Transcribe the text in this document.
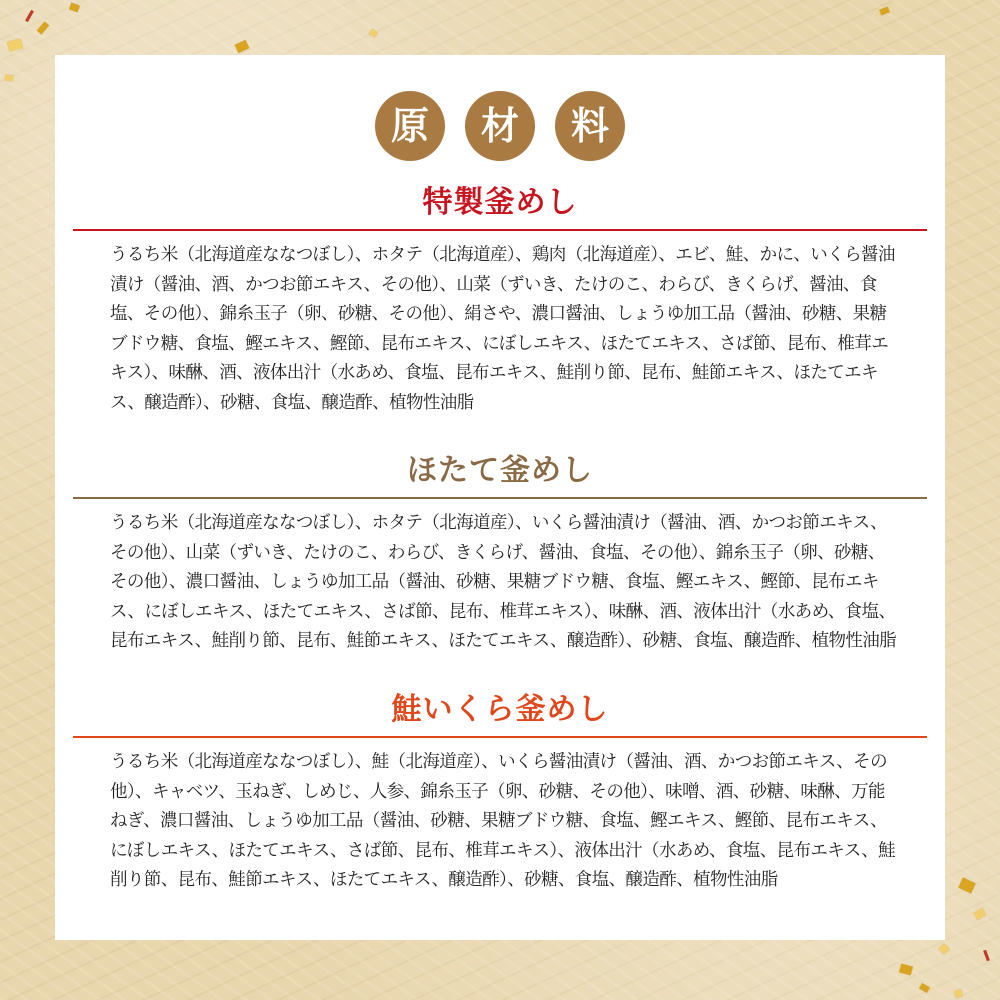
原	材	料
特製釜めし

うるち米（北海道産ななつぼし）、ホタテ（北海道産）、鶏肉（北海道産）、エビ、鮭、かに、いくら醤油漬け（醤油、酒、かつお節エキス、その他）、山菜（ずいき、たけのこ、わらび、きくらげ、醤油、食塩、その他）、錦糸玉子（卵、砂糖、その他）、絹さや、濃口醤油、しょうゆ加工品（醤油、砂糖、果糖ブドウ糖、食塩、鰹エキス、鰹節、昆布エキス、にぼしエキス、ほたてエキス、さば節、昆布、椎茸エキス）、味醂、酒、液体出汁（水あめ、食塩、昆布エキス、鮭削り節、昆布、鮭節エキス、ほたてエキス、醸造酢）、砂糖、食塩、醸造酢、植物性油脂

ほたて釜めし

うるち米（北海道産ななつぼし）、ホタテ（北海道産）、いくら醤油漬け（醤油、酒、かつお節エキス、その他）、山菜（ずいき、たけのこ、わらび、きくらげ、醤油、食塩、その他）、錦糸玉子（卵、砂糖、その他）、濃口醤油、しょうゆ加工品（醤油、砂糖、果糖ブドウ糖、食塩、鰹エキス、鰹節、昆布エキス、にぼしエキス、ほたてエキス、さば節、昆布、椎茸エキス）、味醂、酒、液体出汁（水あめ、食塩、昆布エキス、鮭削り節、昆布、鮭節エキス、ほたてエキス、醸造酢）、砂糖、食塩、醸造酢、植物性油脂

鮭いくら釜めし

うるち米（北海道産ななつぼし）、鮭（北海道産）、いくら醤油漬け（醤油、酒、かつお節エキス、その他）、キャベツ、玉ねぎ、しめじ、人参、錦糸玉子（卵、砂糖、その他）、味噌、酒、砂糖、味醂、万能ねぎ、濃口醤油、しょうゆ加工品（醤油、砂糖、果糖ブドウ糖、食塩、鰹エキス、鰹節、昆布エキス、にぼしエキス、ほたてエキス、さば節、昆布、椎茸エキス）、液体出汁（水あめ、食塩、昆布エキス、鮭削り節、昆布、鮭節エキス、ほたてエキス、醸造酢）、砂糖、食塩、醸造酢、植物性油脂
